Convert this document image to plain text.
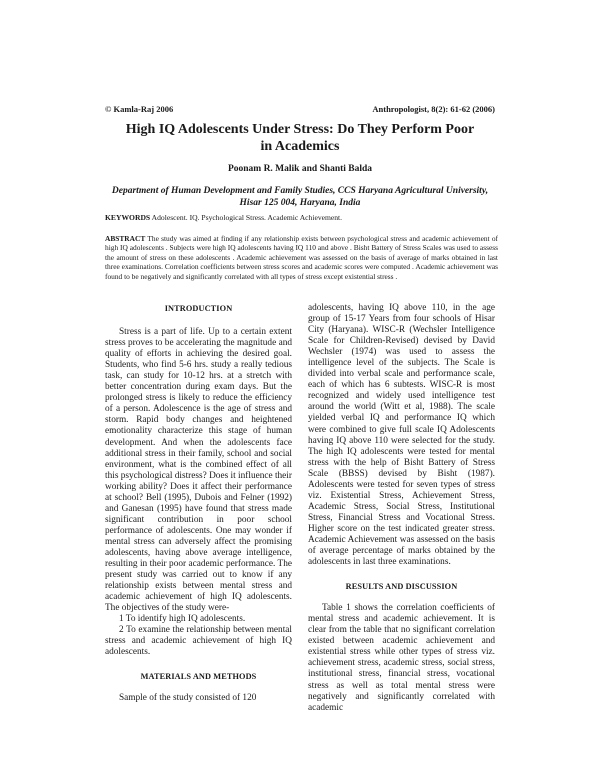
© Kamla-Raj 2006	Anthropologist, 8(2): 61-62 (2006)
High IQ Adolescents Under Stress: Do They Perform Poor
in Academics
Poonam R. Malik and Shanti Balda
Department of Human Development and Family Studies, CCS Haryana Agricultural University,
Hisar 125 004, Haryana, India
KEYWORDS Adolescent. IQ. Psychological Stress. Academic Achievement.
ABSTRACT The study was aimed at finding if any relationship exists between psychological stress and academic achievement of high IQ adolescents . Subjects were high IQ adolescents having IQ 110 and above . Bisht Battery of Stress Scales was used to assess the amount of stress on these adolescents . Academic achievement was assessed on the basis of average of marks obtained in last three examinations. Correlation coefficients between stress scores and academic scores were computed . Academic achievement was found to be negatively and significantly correlated with all types of stress except existential stress .

INTRODUCTION

Stress is a part of life. Up to a certain extent stress proves to be accelerating the magnitude and quality of efforts in achieving the desired goal. Students, who find 5-6 hrs. study a really tedious task, can study for 10-12 hrs. at a stretch with better concentration during exam days. But the prolonged stress is likely to reduce the efficiency of a person. Adolescence is the age of stress and storm. Rapid body changes and heightened emotionality characterize this stage of human development. And when the adolescents face additional stress in their family, school and social environment, what is the combined effect of all this psychological distress? Does it influence their working ability? Does it affect their performance at school? Bell (1995), Dubois and Felner (1992) and Ganesan (1995) have found that stress made significant contribution in poor school performance of adolescents. One may wonder if mental stress can adversely affect the promising adolescents, having above average intelligence, resulting in their poor academic performance. The present study was carried out to know if any relationship exists between mental stress and academic achievement of high IQ adolescents. The objectives of the study were-

1 To identify high IQ adolescents.

2 To examine the relationship between mental stress and academic achievement of high IQ adolescents.

MATERIALS AND METHODS

Sample of the study consisted of 120

adolescents, having IQ above 110, in the age group of 15-17 Years from four schools of Hisar City (Haryana). WISC-R (Wechsler Intelligence Scale for Children-Revised) devised by David Wechsler (1974) was used to assess the intelligence level of the subjects. The Scale is divided into verbal scale and performance scale, each of which has 6 subtests. WISC-R is most recognized and widely used intelligence test around the world (Witt et al, 1988). The scale yielded verbal IQ and performance IQ which were combined to give full scale IQ Adolescents having IQ above 110 were selected for the study. The high IQ adolescents were tested for mental stress with the help of Bisht Battery of Stress Scale (BBSS) devised by Bisht (1987). Adolescents were tested for seven types of stress viz. Existential Stress, Achievement Stress, Academic Stress, Social Stress, Institutional Stress, Financial Stress and Vocational Stress. Higher score on the test indicated greater stress. Academic Achievement was assessed on the basis of average percentage of marks obtained by the adolescents in last three examinations.

RESULTS AND DISCUSSION

Table 1 shows the correlation coefficients of mental stress and academic achievement. It is clear from the table that no significant correlation existed between academic achievement and existential stress while other types of stress viz. achievement stress, academic stress, social stress, institutional stress, financial stress, vocational stress as well as total mental stress were negatively and significantly correlated with academic
